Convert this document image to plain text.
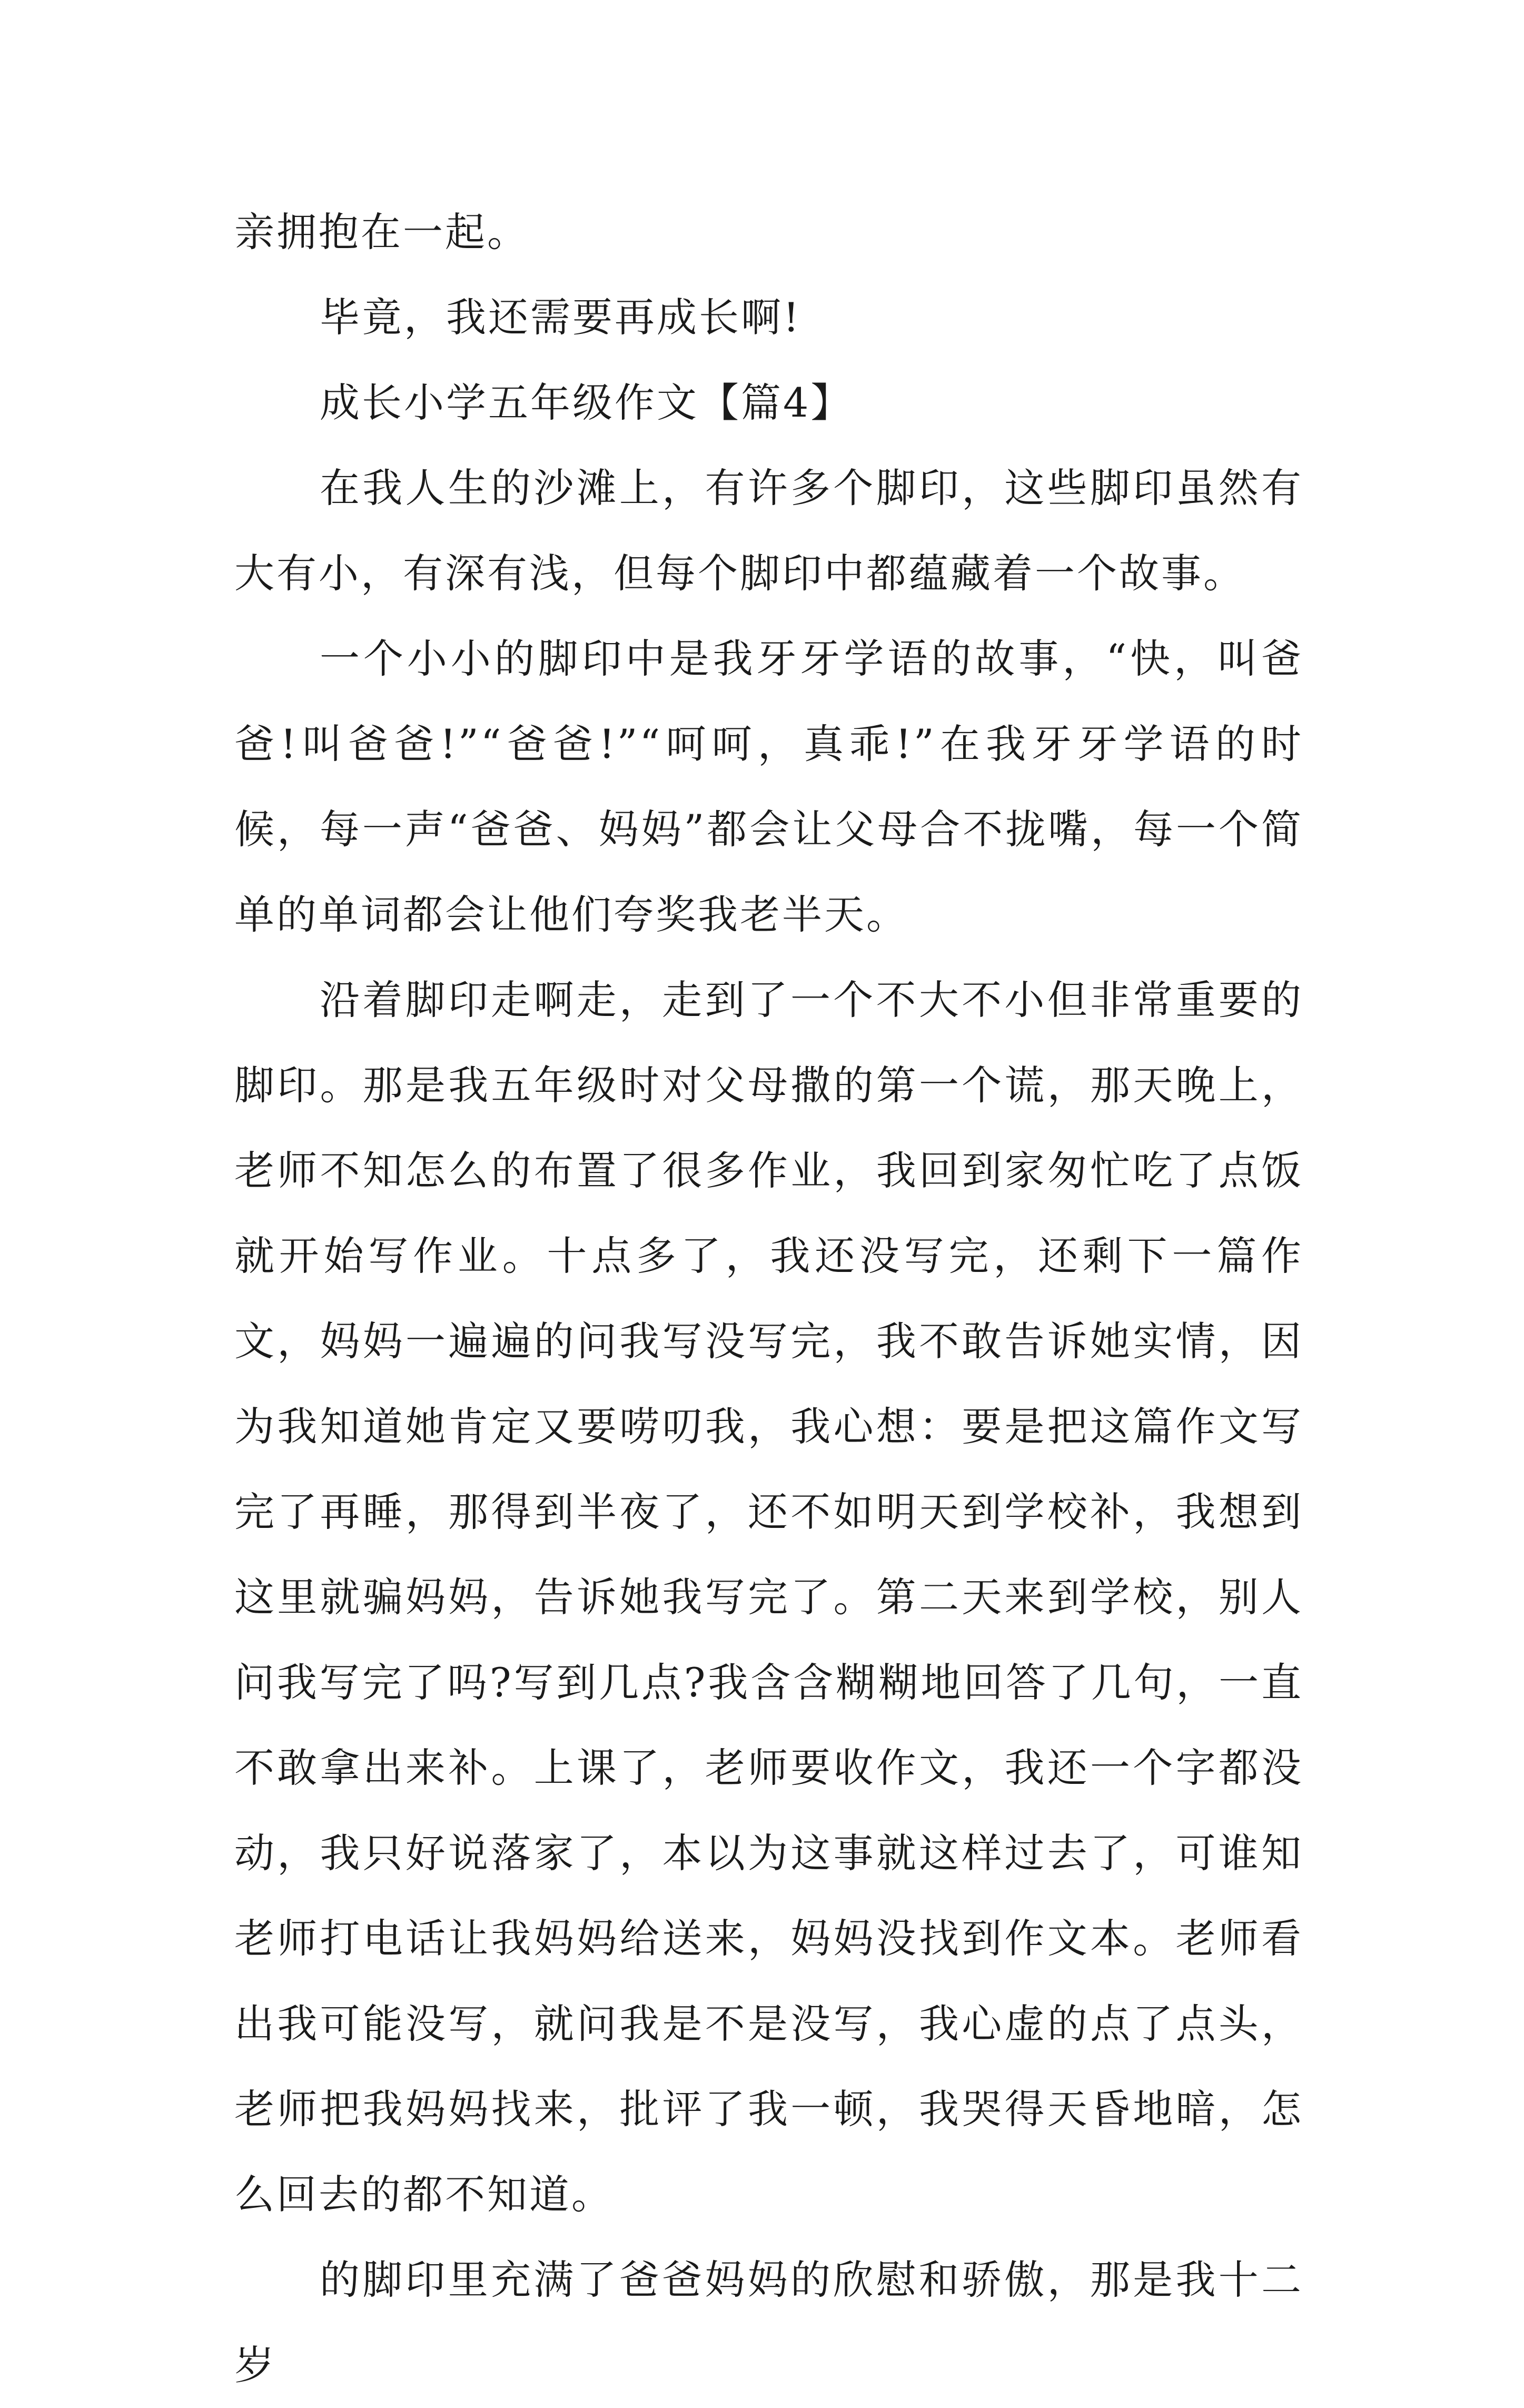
亲拥抱在一起。

毕竟，我还需要再成长啊!

成长小学五年级作文【篇4】

在我人生的沙滩上，有许多个脚印，这些脚印虽然有大有小，有深有浅，但每个脚印中都蕴藏着一个故事。

一个小小的脚印中是我牙牙学语的故事，“快，叫爸爸!叫爸爸!”“爸爸!”“呵呵，真乖!”在我牙牙学语的时候，每一声“爸爸、妈妈”都会让父母合不拢嘴，每一个简单的单词都会让他们夸奖我老半天。

沿着脚印走啊走，走到了一个不大不小但非常重要的脚印。那是我五年级时对父母撒的第一个谎，那天晚上，老师不知怎么的布置了很多作业，我回到家匆忙吃了点饭就开始写作业。十点多了，我还没写完，还剩下一篇作文，妈妈一遍遍的问我写没写完，我不敢告诉她实情，因为我知道她肯定又要唠叨我，我心想：要是把这篇作文写完了再睡，那得到半夜了，还不如明天到学校补，我想到这里就骗妈妈，告诉她我写完了。第二天来到学校，别人问我写完了吗?写到几点?我含含糊糊地回答了几句，一直不敢拿出来补。上课了，老师要收作文，我还一个字都没动，我只好说落家了，本以为这事就这样过去了，可谁知老师打电话让我妈妈给送来，妈妈没找到作文本。老师看出我可能没写，就问我是不是没写，我心虚的点了点头，老师把我妈妈找来，批评了我一顿，我哭得天昏地暗，怎么回去的都不知道。

的脚印里充满了爸爸妈妈的欣慰和骄傲，那是我十二岁
